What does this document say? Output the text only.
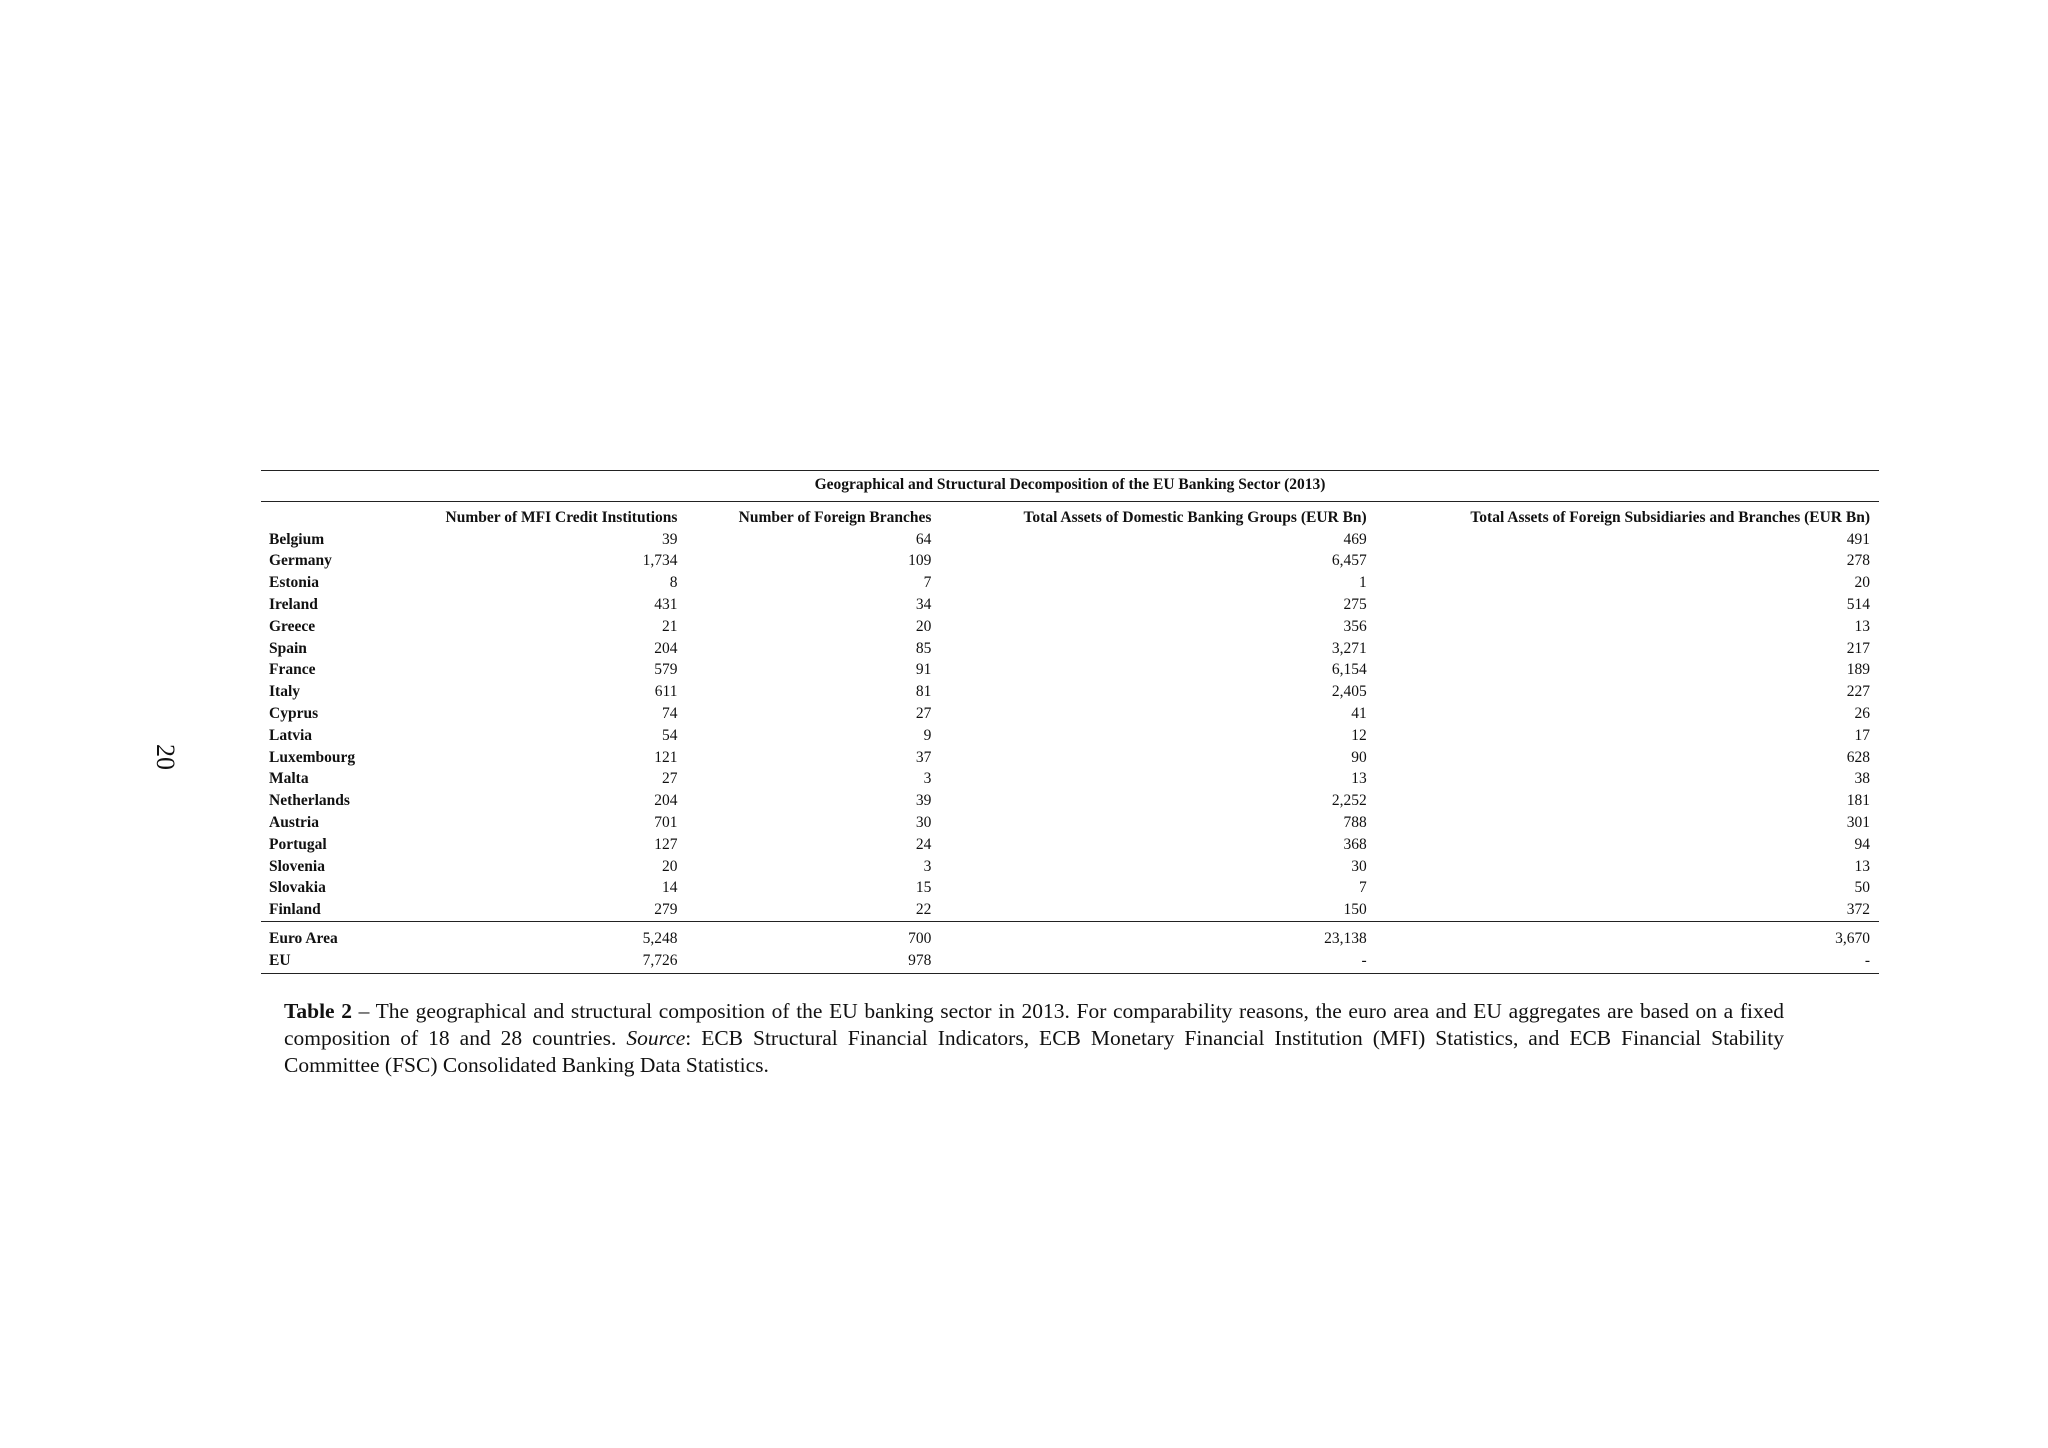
20
Geographical and Structural Decomposition of the EU Banking Sector (2013)				
	Number of MFI Credit Institutions	Number of Foreign Branches	Total Assets of Domestic Banking Groups (EUR Bn)	Total Assets of Foreign Subsidiaries and Branches (EUR Bn)
Belgium	39	64	469	491
Germany	1,734	109	6,457	278
Estonia	8	7	1	20
Ireland	431	34	275	514
Greece	21	20	356	13
Spain	204	85	3,271	217
France	579	91	6,154	189
Italy	611	81	2,405	227
Cyprus	74	27	41	26
Latvia	54	9	12	17
Luxembourg	121	37	90	628
Malta	27	3	13	38
Netherlands	204	39	2,252	181
Austria	701	30	788	301
Portugal	127	24	368	94
Slovenia	20	3	30	13
Slovakia	14	15	7	50
Finland	279	22	150	372
Euro Area	5,248	700	23,138	3,670
EU	7,726	978	-	-
Table 2 – The geographical and structural composition of the EU banking sector in 2013. For comparability reasons, the euro area and EU aggregates are based on a fixed composition of 18 and 28 countries. Source: ECB Structural Financial Indicators, ECB Monetary Financial Institution (MFI) Statistics, and ECB Financial Stability Committee (FSC) Consolidated Banking Data Statistics.
